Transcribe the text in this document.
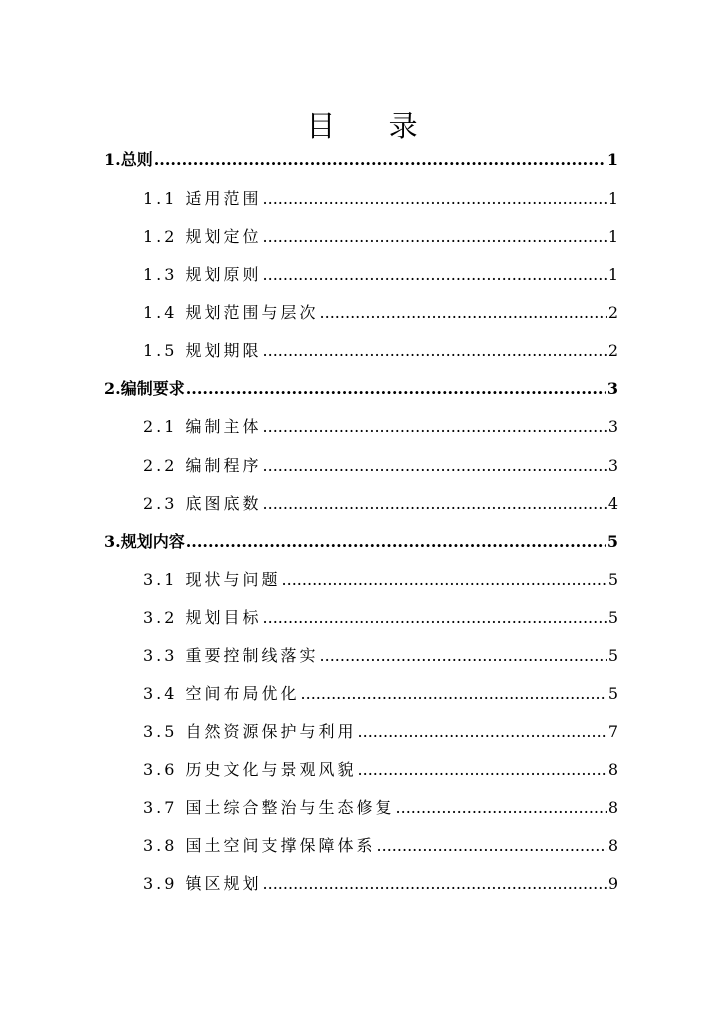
目 录
1.总则 .....	1
1.1 适用范围 .....	1
1.2 规划定位 .....	1
1.3 规划原则 .....	1
1.4 规划范围与层次 .....	2
1.5 规划期限 .....	2
2.编制要求 .....	3
2.1 编制主体 .....	3
2.2 编制程序 .....	3
2.3 底图底数 .....	4
3.规划内容 .....	5
3.1 现状与问题 .....	5
3.2 规划目标 .....	5
3.3 重要控制线落实 .....	5
3.4 空间布局优化 .....	5
3.5 自然资源保护与利用 .....	7
3.6 历史文化与景观风貌 .....	8
3.7 国土综合整治与生态修复 .....	8
3.8 国土空间支撑保障体系 .....	8
3.9 镇区规划 .....	9
